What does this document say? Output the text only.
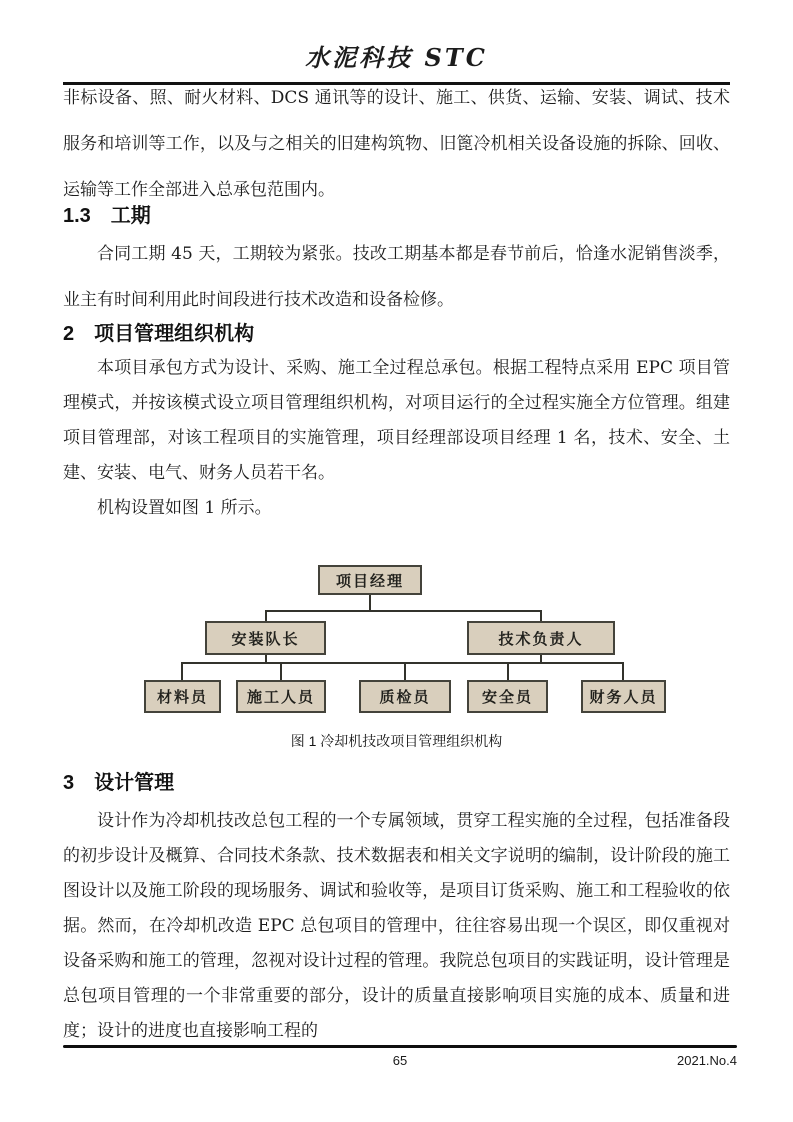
水泥科技 STC

非标设备、照、耐火材料、DCS 通讯等的设计、施工、供货、运输、安装、调试、技术服务和培训等工作，以及与之相关的旧建构筑物、旧篦冷机相关设备设施的拆除、回收、运输等工作全部进入总承包范围内。

1.3　工期

合同工期 45 天，工期较为紧张。技改工期基本都是春节前后，恰逢水泥销售淡季，业主有时间利用此时间段进行技术改造和设备检修。

2　项目管理组织机构

本项目承包方式为设计、采购、施工全过程总承包。根据工程特点采用 EPC 项目管理模式，并按该模式设立项目管理组织机构，对项目运行的全过程实施全方位管理。组建项目管理部，对该工程项目的实施管理，项目经理部设项目经理 1 名，技术、安全、土建、安装、电气、财务人员若干名。

机构设置如图 1 所示。

项目经理
安装队长	技术负责人
材料员	施工人员	质检员	安全员	财务人员
图 1 冷却机技改项目管理组织机构
3　设计管理

设计作为冷却机技改总包工程的一个专属领域，贯穿工程实施的全过程，包括准备段的初步设计及概算、合同技术条款、技术数据表和相关文字说明的编制，设计阶段的施工图设计以及施工阶段的现场服务、调试和验收等，是项目订货采购、施工和工程验收的依据。然而，在冷却机改造 EPC 总包项目的管理中，往往容易出现一个误区，即仅重视对设备采购和施工的管理，忽视对设计过程的管理。我院总包项目的实践证明，设计管理是总包项目管理的一个非常重要的部分，设计的质量直接影响项目实施的成本、质量和进度；设计的进度也直接影响工程的

65	2021.No.4
